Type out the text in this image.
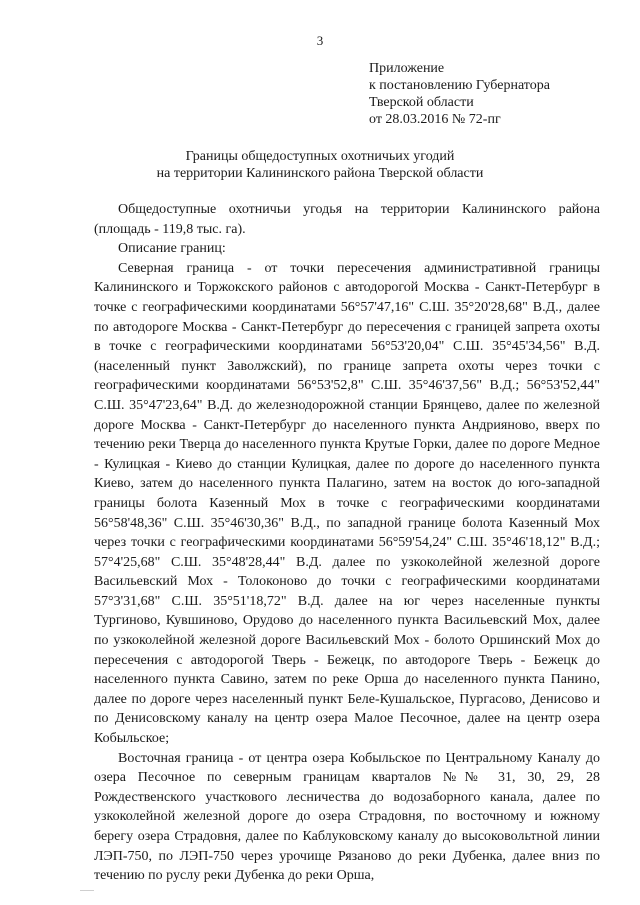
3
Приложение
к постановлению Губернатора
Тверской области
от 28.03.2016 № 72-пг
Границы общедоступных охотничьих угодий
на территории Калининского района Тверской области

Общедоступные охотничьи угодья на территории Калининского района (площадь - 119,8 тыс. га).

Описание границ:

Северная граница - от точки пересечения административной границы Калининского и Торжокского районов с автодорогой Москва - Санкт-Петербург в точке с географическими координатами 56°57'47,16" С.Ш. 35°20'28,68" В.Д., далее по автодороге Москва - Санкт-Петербург до пересечения с границей запрета охоты в точке с географическими координатами 56°53'20,04" С.Ш. 35°45'34,56" В.Д. (населенный пункт Заволжский), по границе запрета охоты через точки с географическими координатами 56°53'52,8" С.Ш. 35°46'37,56" В.Д.; 56°53'52,44" С.Ш. 35°47'23,64" В.Д. до железнодорожной станции Брянцево, далее по железной дороге Москва - Санкт-Петербург до населенного пункта Андрияново, вверх по течению реки Тверца до населенного пункта Крутые Горки, далее по дороге Медное - Кулицкая - Киево до станции Кулицкая, далее по дороге до населенного пункта Киево, затем до населенного пункта Палагино, затем на восток до юго-западной границы болота Казенный Мох в точке с географическими координатами 56°58'48,36" С.Ш. 35°46'30,36" В.Д., по западной границе болота Казенный Мох через точки с географическими координатами 56°59'54,24" С.Ш. 35°46'18,12" В.Д.; 57°4'25,68" С.Ш. 35°48'28,44" В.Д. далее по узкоколейной железной дороге Васильевский Мох - Толоконово до точки с географическими координатами 57°3'31,68" С.Ш. 35°51'18,72" В.Д. далее на юг через населенные пункты Тургиново, Кувшиново, Орудово до населенного пункта Васильевский Мох, далее по узкоколейной железной дороге Васильевский Мох - болото Оршинский Мох до пересечения с автодорогой Тверь - Бежецк, по автодороге Тверь - Бежецк до населенного пункта Савино, затем по реке Орша до населенного пункта Панино, далее по дороге через населенный пункт Беле-Кушальское, Пургасово, Денисово и по Денисовскому каналу на центр озера Малое Песочное, далее на центр озера Кобыльское;

Восточная граница - от центра озера Кобыльское по Центральному Каналу до озера Песочное по северным границам кварталов №№ 31, 30, 29, 28 Рождественского участкового лесничества до водозаборного канала, далее по узкоколейной железной дороге до озера Страдовня, по восточному и южному берегу озера Страдовня, далее по Каблуковскому каналу до высоковольтной линии ЛЭП-750, по ЛЭП-750 через урочище Рязаново до реки Дубенка, далее вниз по течению по руслу реки Дубенка до реки Орша,
